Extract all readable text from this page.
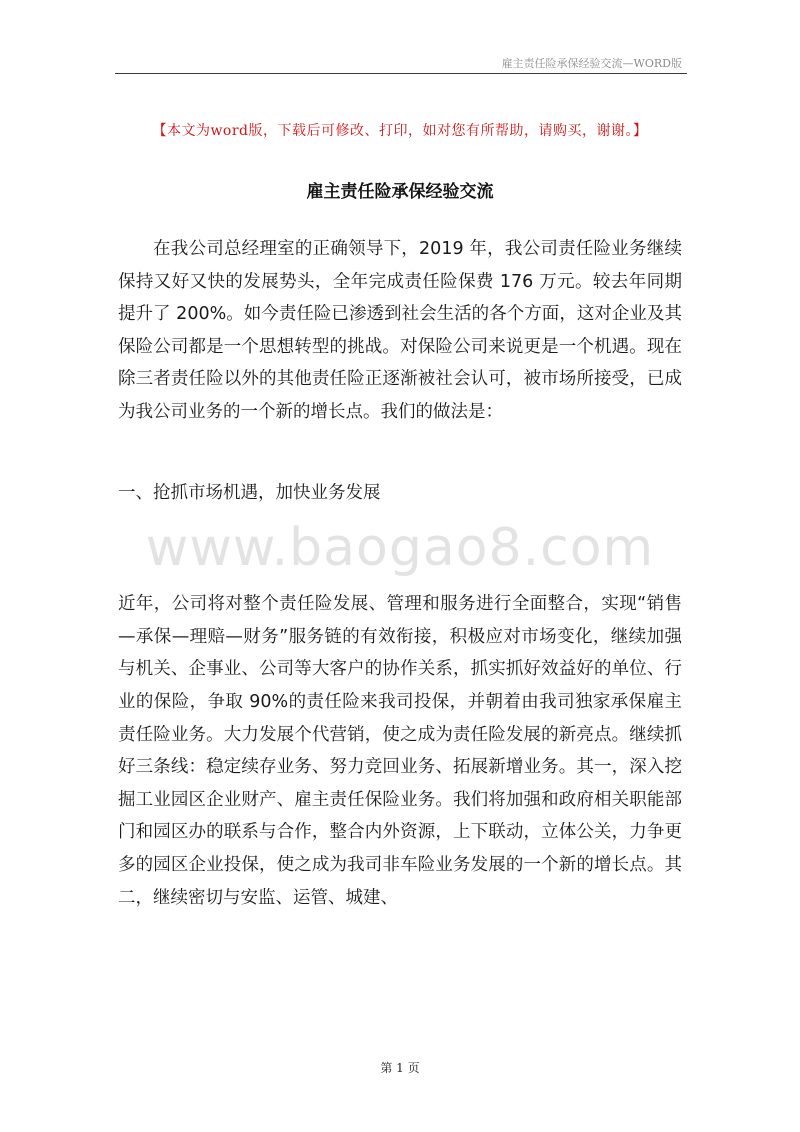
雇主责任险承保经验交流—WORD版
【本文为word版，下载后可修改、打印，如对您有所帮助，请购买，谢谢。】
雇主责任险承保经验交流

在我公司总经理室的正确领导下，2019 年，我公司责任险业务继续保持又好又快的发展势头，全年完成责任险保费 176 万元。较去年同期提升了 200%。如今责任险已渗透到社会生活的各个方面，这对企业及其保险公司都是一个思想转型的挑战。对保险公司来说更是一个机遇。现在除三者责任险以外的其他责任险正逐渐被社会认可，被市场所接受，已成为我公司业务的一个新的增长点。我们的做法是：

一、抢抓市场机遇，加快业务发展

近年，公司将对整个责任险发展、管理和服务进行全面整合，实现“销售—承保—理赔—财务”服务链的有效衔接，积极应对市场变化，继续加强与机关、企事业、公司等大客户的协作关系，抓实抓好效益好的单位、行业的保险，争取 90%的责任险来我司投保，并朝着由我司独家承保雇主责任险业务。大力发展个代营销，使之成为责任险发展的新亮点。继续抓好三条线：稳定续存业务、努力竞回业务、拓展新增业务。其一，深入挖掘工业园区企业财产、雇主责任保险业务。我们将加强和政府相关职能部门和园区办的联系与合作，整合内外资源，上下联动，立体公关，力争更多的园区企业投保，使之成为我司非车险业务发展的一个新的增长点。其二，继续密切与安监、运管、城建、

www.baogao8.com
第 1 页
